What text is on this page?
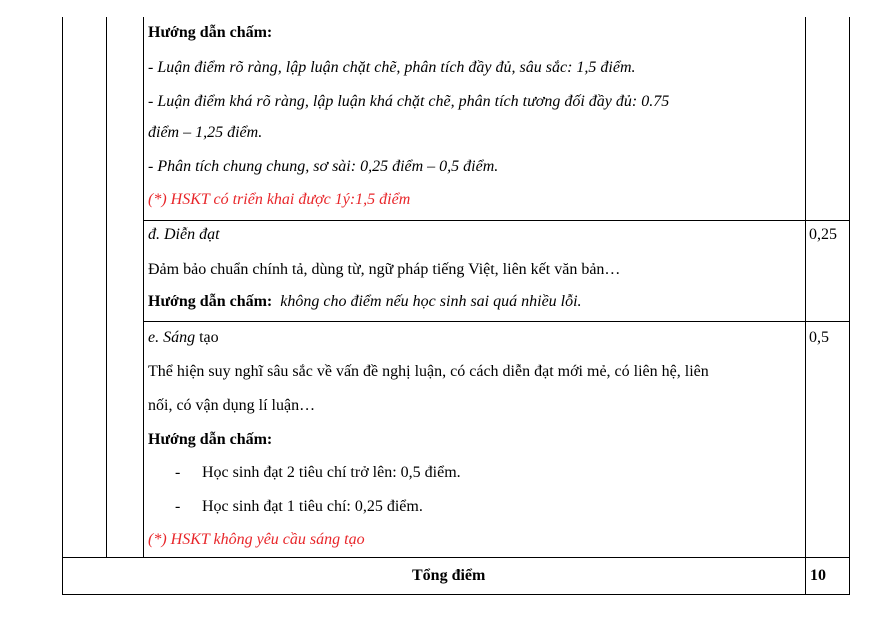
Hướng dẫn chấm:
- Luận điểm rõ ràng, lập luận chặt chẽ, phân tích đầy đủ, sâu sắc: 1,5 điểm.
- Luận điểm khá rõ ràng, lập luận khá chặt chẽ, phân tích tương đối đầy đủ: 0.75
điểm – 1,25 điểm.
- Phân tích chung chung, sơ sài: 0,25 điểm – 0,5 điểm.
(*) HSKT có triển khai được 1ý:1,5 điểm
đ. Diễn đạt	0,25
Đảm bảo chuẩn chính tả, dùng từ, ngữ pháp tiếng Việt, liên kết văn bản…
Hướng dẫn chấm: không cho điểm nếu học sinh sai quá nhiều lỗi.
e. Sáng tạo	0,5
Thể hiện suy nghĩ sâu sắc về vấn đề nghị luận, có cách diễn đạt mới mẻ, có liên hệ, liên
nối, có vận dụng lí luận…
Hướng dẫn chấm:
- Học sinh đạt 2 tiêu chí trở lên: 0,5 điểm.
- Học sinh đạt 1 tiêu chí: 0,25 điểm.
(*) HSKT không yêu cầu sáng tạo
Tổng điểm	10
